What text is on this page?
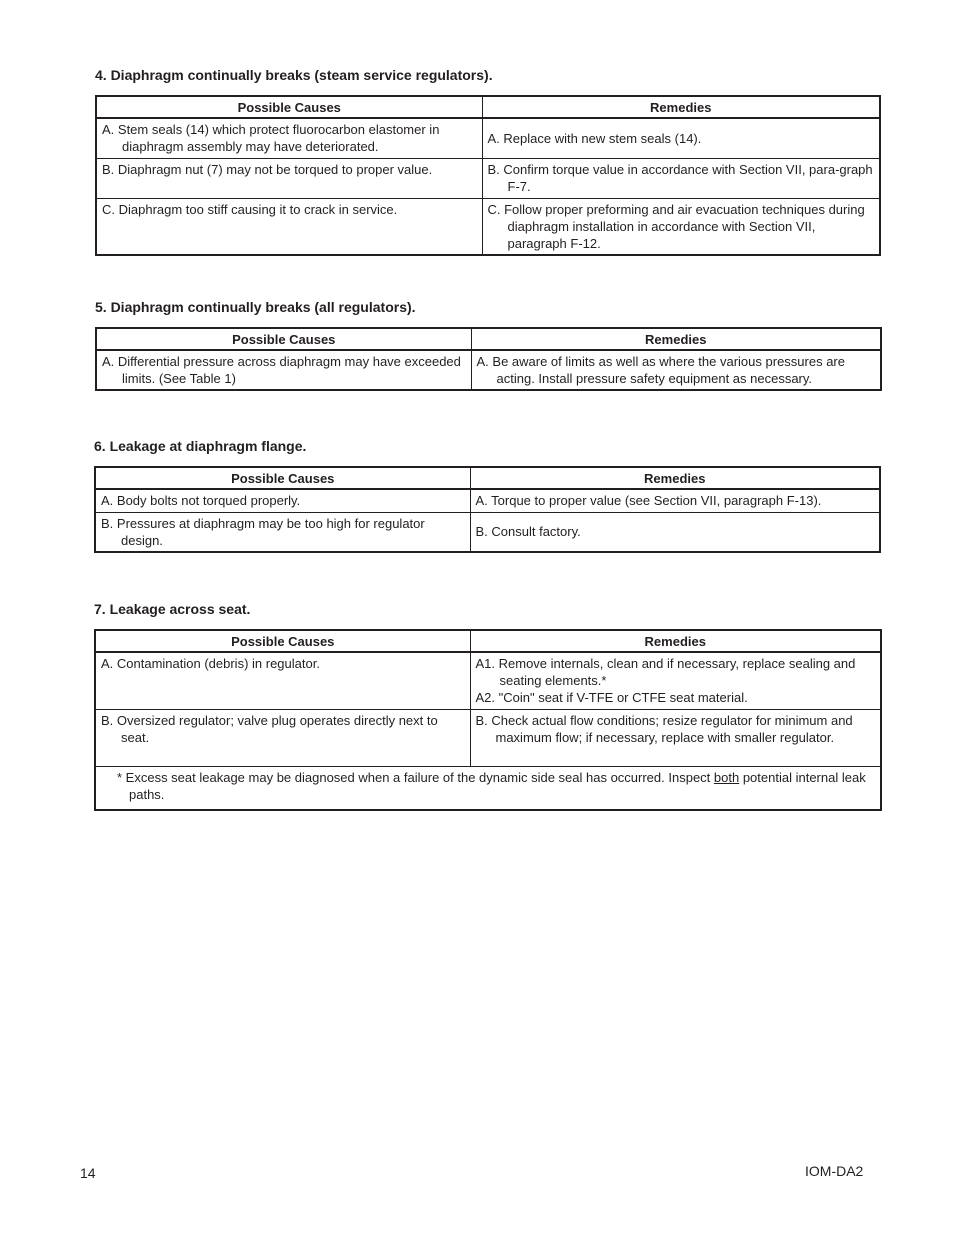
4. Diaphragm continually breaks (steam service regulators).

Possible Causes	Remedies

A. Stem seals (14) which protect fluorocarbon elastomer in diaphragm assembly may have deteriorated.	A. Replace with new stem seals (14).

B. Diaphragm nut (7) may not be torqued to proper value.	B. Confirm torque value in accordance with Section VII, para-graph F-7.

C. Diaphragm too stiff causing it to crack in service.	C. Follow proper preforming and air evacuation techniques during diaphragm installation in accordance with Section VII, paragraph F-12.

5. Diaphragm continually breaks (all regulators).

Possible Causes	Remedies

A. Differential pressure across diaphragm may have exceeded limits. (See Table 1)	A. Be aware of limits as well as where the various pressures are acting. Install pressure safety equipment as necessary.

6. Leakage at diaphragm flange.

Possible Causes	Remedies

A. Body bolts not torqued properly.	A. Torque to proper value (see Section VII, paragraph F-13).

B. Pressures at diaphragm may be too high for regulator design.	B. Consult factory.

7. Leakage across seat.

Possible Causes	Remedies

A. Contamination (debris) in regulator.	A1. Remove internals, clean and if necessary, replace sealing and seating elements.*
A2. "Coin" seat if V-TFE or CTFE seat material.

B. Oversized regulator; valve plug operates directly next to seat.	B. Check actual flow conditions; resize regulator for minimum and maximum flow; if necessary, replace with smaller regulator.

* Excess seat leakage may be diagnosed when a failure of the dynamic side seal has occurred. Inspect both potential internal leak paths.	
14	IOM-DA2
